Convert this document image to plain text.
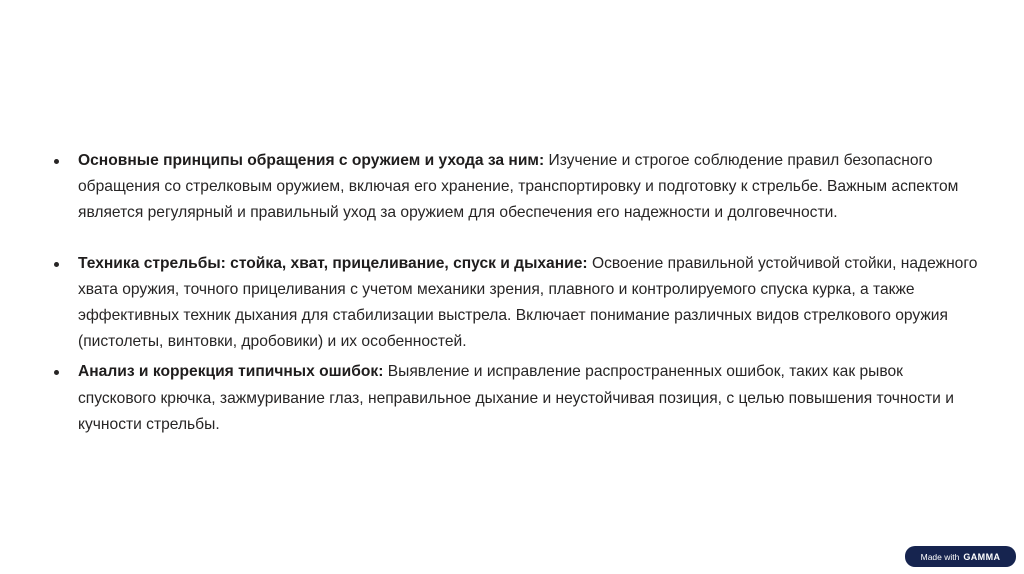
Основные принципы обращения с оружием и ухода за ним: Изучение и строгое соблюдение правил безопасного обращения со стрелковым оружием, включая его хранение, транспортировку и подготовку к стрельбе. Важным аспектом является регулярный и правильный уход за оружием для обеспечения его надежности и долговечности.
Техника стрельбы: стойка, хват, прицеливание, спуск и дыхание: Освоение правильной устойчивой стойки, надежного хвата оружия, точного прицеливания с учетом механики зрения, плавного и контролируемого спуска курка, а также эффективных техник дыхания для стабилизации выстрела. Включает понимание различных видов стрелкового оружия (пистолеты, винтовки, дробовики) и их особенностей.
Анализ и коррекция типичных ошибок: Выявление и исправление распространенных ошибок, таких как рывок спускового крючка, зажмуривание глаз, неправильное дыхание и неустойчивая позиция, с целью повышения точности и кучности стрельбы.
Made with GAMMA
